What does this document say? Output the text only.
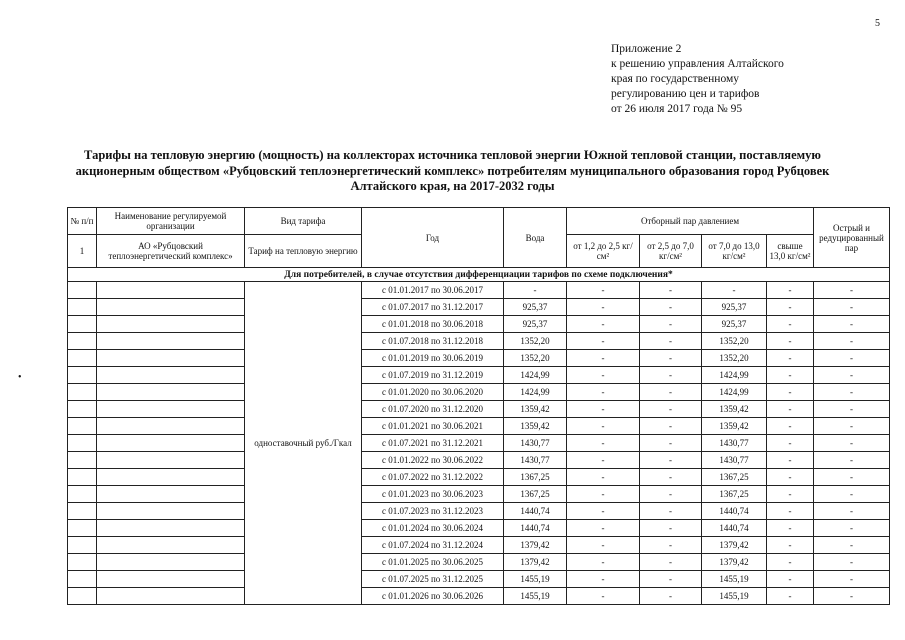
5
Приложение 2
к решению управления Алтайского
края по государственному
регулированию цен и тарифов
от 26 июля 2017 года № 95
Тарифы на тепловую энергию (мощность) на коллекторах источника тепловой энергии Южной тепловой станции, поставляемую
акционерным обществом «Рубцовский теплоэнергетический комплекс» потребителям муниципального образования город Рубцовек
Алтайского края, на 2017-2032 годы
•
№ п/п	Наименование регулируемой организации	Вид тарифа	Год	Вода	Отборный пар давлением				Острый и редуцированный пар
1	АО «Рубцовский теплоэнергетический комплекс»	Тариф на тепловую энергию			от 1,2 до 2,5 кг/см²	от 2,5 до 7,0 кг/см²	от 7,0 до 13,0 кг/см²	свыше 13,0 кг/см²	
Для потребителей, в случае отсутствия дифференциации тарифов по схеме подключения*									
		одноставочный руб./Гкал	с 01.01.2017 по 30.06.2017	-	-	-	-	-	-
			с 01.07.2017 по 31.12.2017	925,37	-	-	925,37	-	-
			с 01.01.2018 по 30.06.2018	925,37	-	-	925,37	-	-
			с 01.07.2018 по 31.12.2018	1352,20	-	-	1352,20	-	-
			с 01.01.2019 по 30.06.2019	1352,20	-	-	1352,20	-	-
			с 01.07.2019 по 31.12.2019	1424,99	-	-	1424,99	-	-
			с 01.01.2020 по 30.06.2020	1424,99	-	-	1424,99	-	-
			с 01.07.2020 по 31.12.2020	1359,42	-	-	1359,42	-	-
			с 01.01.2021 по 30.06.2021	1359,42	-	-	1359,42	-	-
			с 01.07.2021 по 31.12.2021	1430,77	-	-	1430,77	-	-
			с 01.01.2022 по 30.06.2022	1430,77	-	-	1430,77	-	-
			с 01.07.2022 по 31.12.2022	1367,25	-	-	1367,25	-	-
			с 01.01.2023 по 30.06.2023	1367,25	-	-	1367,25	-	-
			с 01.07.2023 по 31.12.2023	1440,74	-	-	1440,74	-	-
			с 01.01.2024 по 30.06.2024	1440,74	-	-	1440,74	-	-
			с 01.07.2024 по 31.12.2024	1379,42	-	-	1379,42	-	-
			с 01.01.2025 по 30.06.2025	1379,42	-	-	1379,42	-	-
			с 01.07.2025 по 31.12.2025	1455,19	-	-	1455,19	-	-
			с 01.01.2026 по 30.06.2026	1455,19	-	-	1455,19	-	-
